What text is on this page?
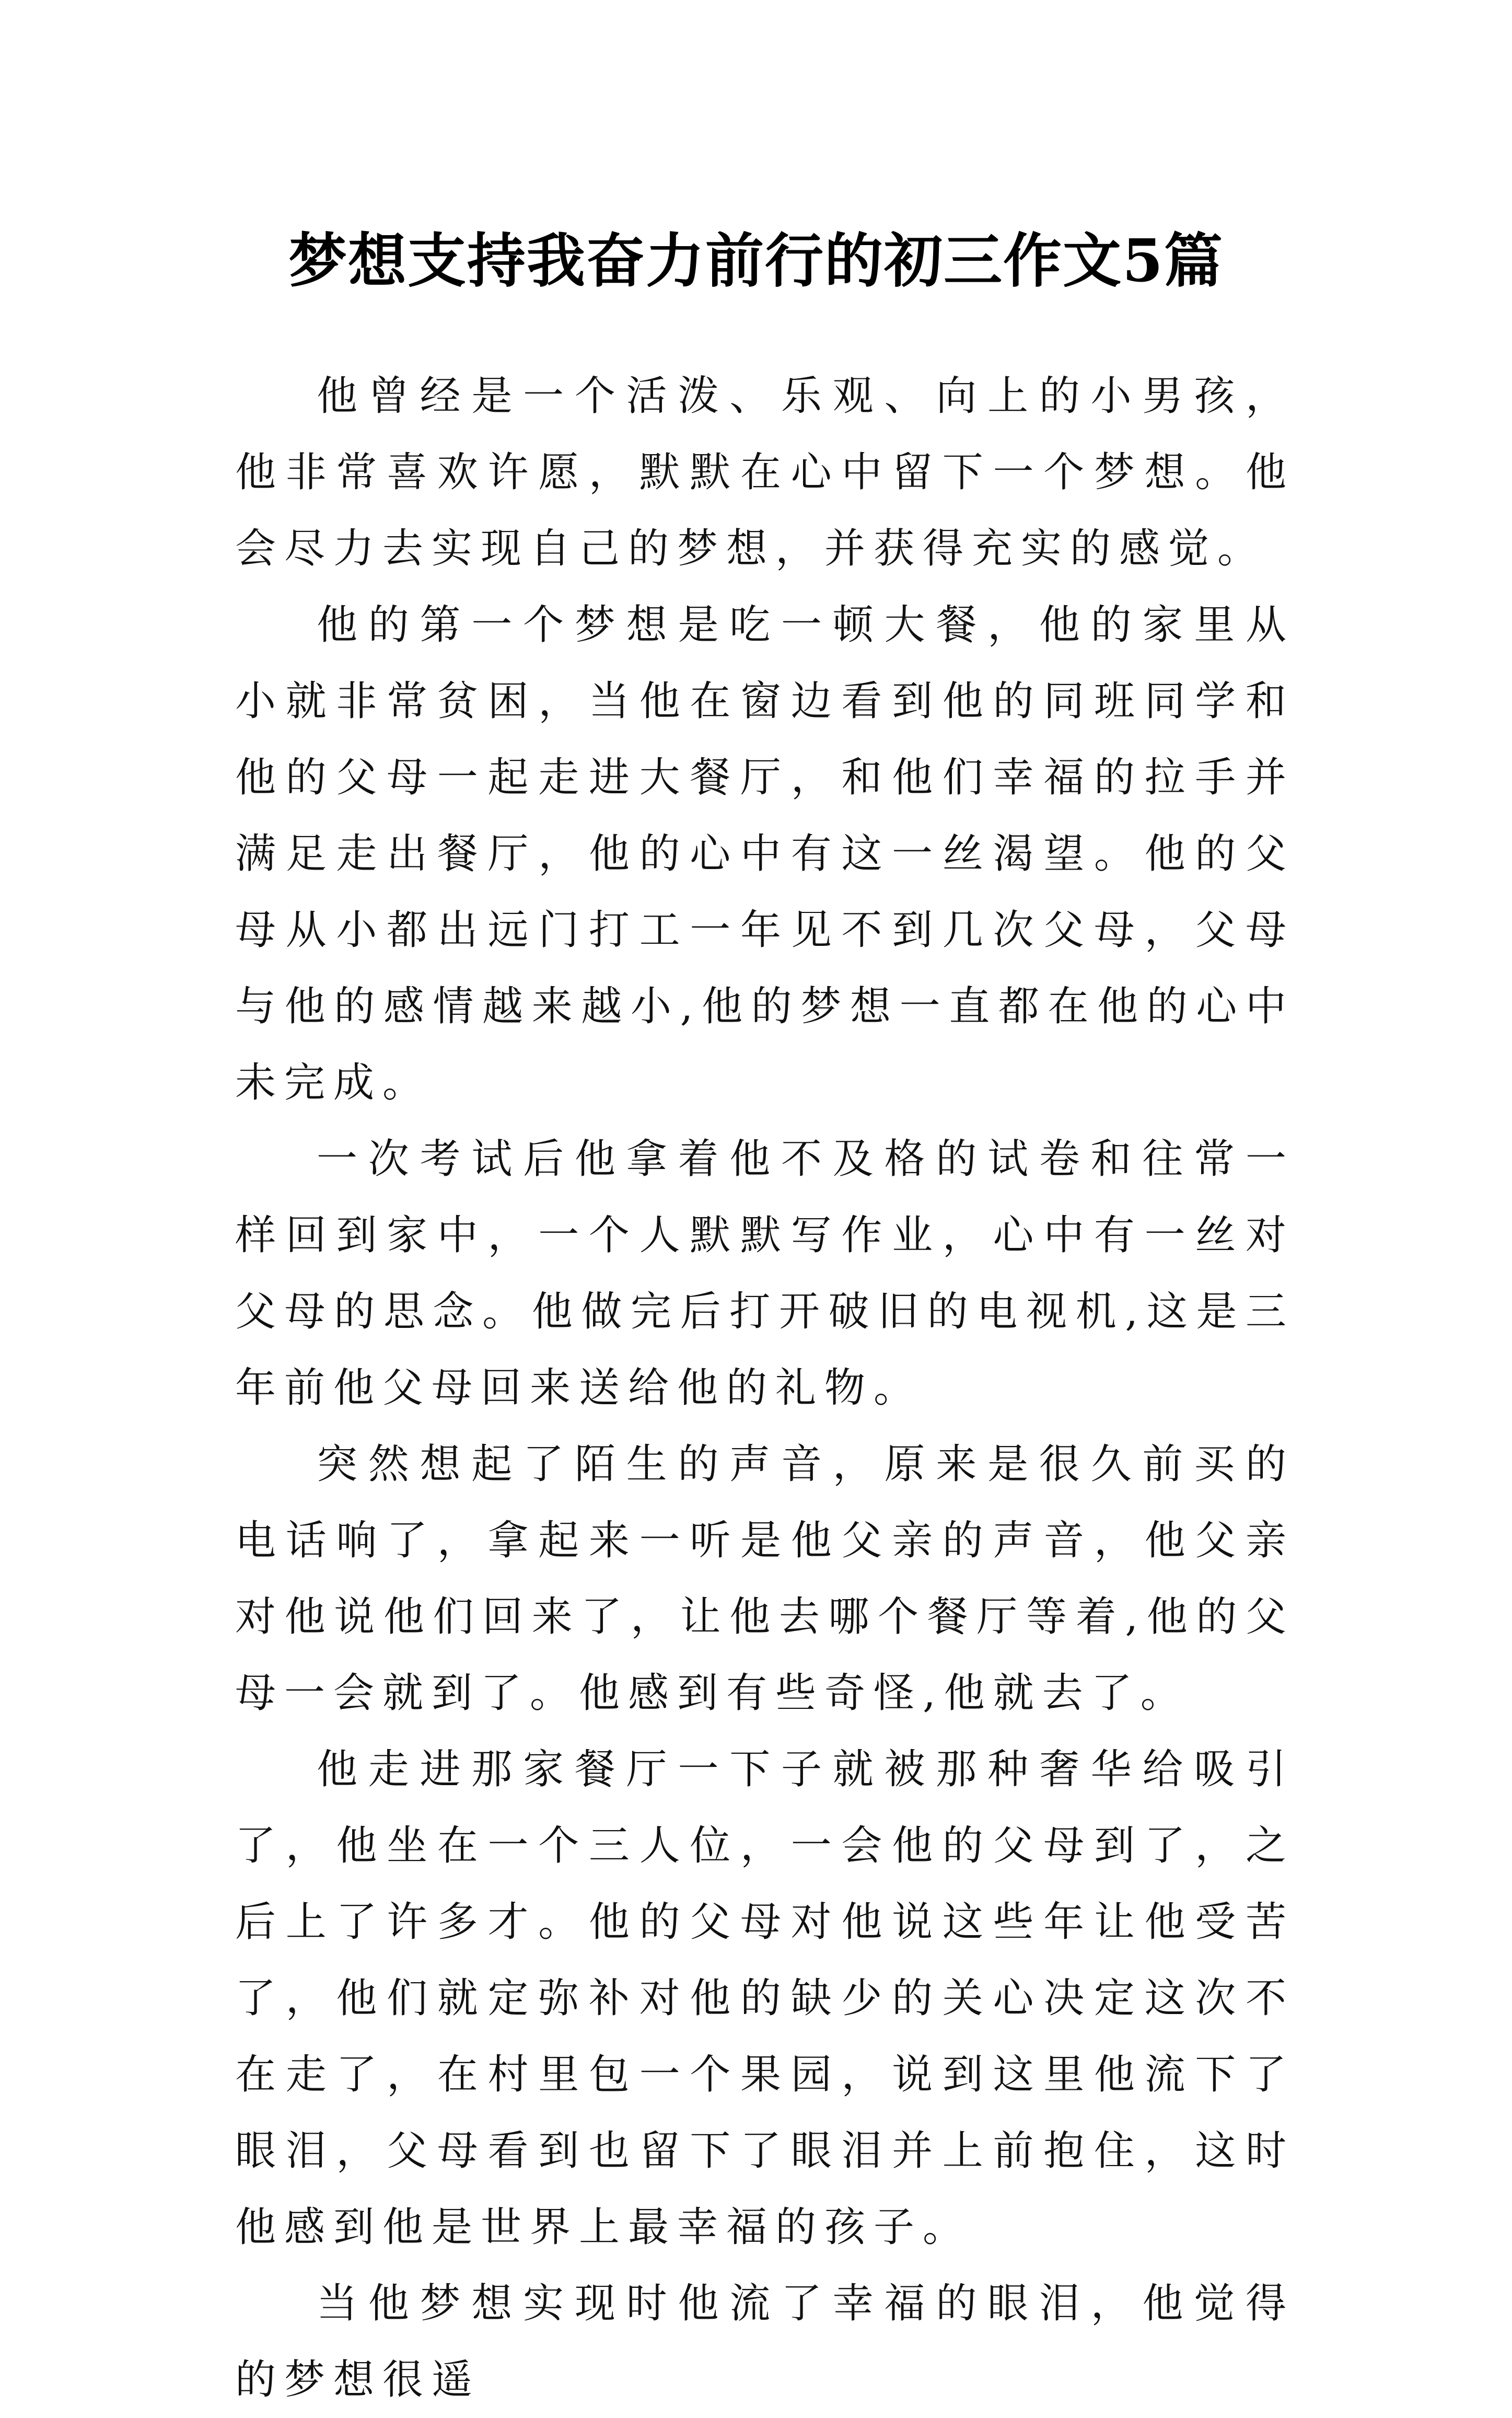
梦想支持我奋力前行的初三作文5篇

他曾经是一个活泼、乐观、向上的小男孩，他非常喜欢许愿，默默在心中留下一个梦想。他会尽力去实现自己的梦想，并获得充实的感觉。

他的第一个梦想是吃一顿大餐，他的家里从小就非常贫困，当他在窗边看到他的同班同学和他的父母一起走进大餐厅，和他们幸福的拉手并满足走出餐厅，他的心中有这一丝渴望。他的父母从小都出远门打工一年见不到几次父母，父母与他的感情越来越小,他的梦想一直都在他的心中未完成。

一次考试后他拿着他不及格的试卷和往常一样回到家中，一个人默默写作业，心中有一丝对父母的思念。他做完后打开破旧的电视机,这是三年前他父母回来送给他的礼物。

突然想起了陌生的声音，原来是很久前买的电话响了，拿起来一听是他父亲的声音，他父亲对他说他们回来了，让他去哪个餐厅等着,他的父母一会就到了。他感到有些奇怪,他就去了。

他走进那家餐厅一下子就被那种奢华给吸引了，他坐在一个三人位，一会他的父母到了，之后上了许多才。他的父母对他说这些年让他受苦了，他们就定弥补对他的缺少的关心决定这次不在走了，在村里包一个果园，说到这里他流下了眼泪，父母看到也留下了眼泪并上前抱住，这时他感到他是世界上最幸福的孩子。

当他梦想实现时他流了幸福的眼泪，他觉得的梦想很遥
